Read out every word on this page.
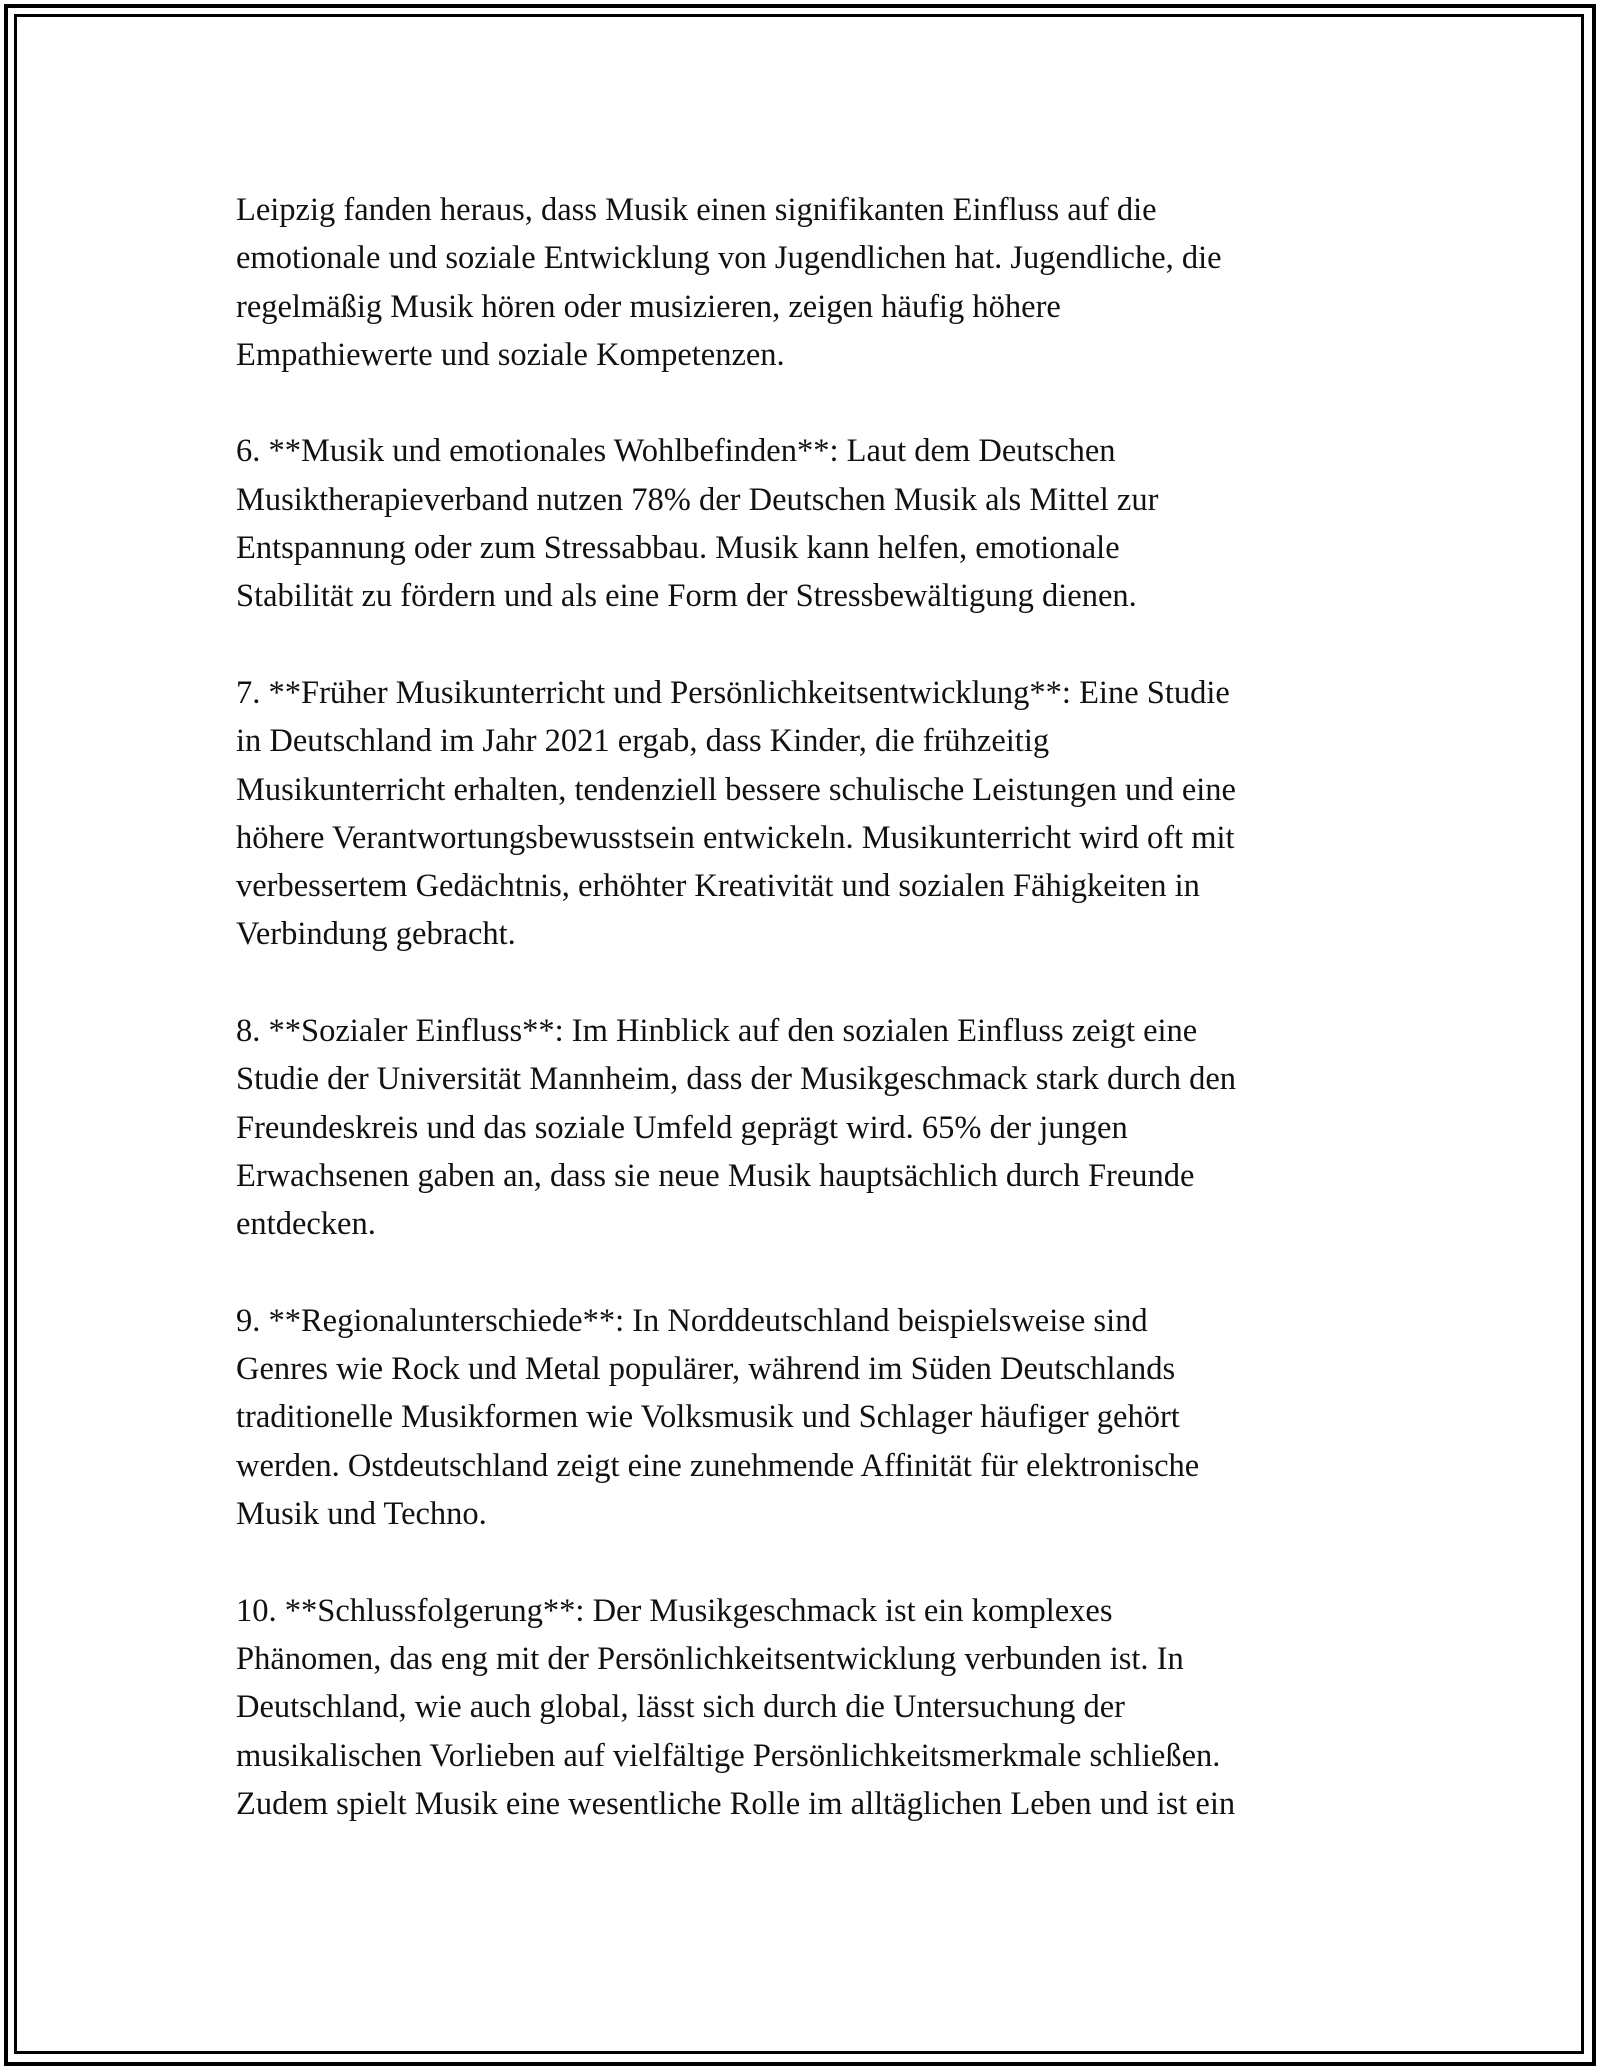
Leipzig fanden heraus, dass Musik einen signifikanten Einfluss auf die
emotionale und soziale Entwicklung von Jugendlichen hat. Jugendliche, die
regelmäßig Musik hören oder musizieren, zeigen häufig höhere
Empathiewerte und soziale Kompetenzen.

6. **Musik und emotionales Wohlbefinden**: Laut dem Deutschen
Musiktherapieverband nutzen 78% der Deutschen Musik als Mittel zur
Entspannung oder zum Stressabbau. Musik kann helfen, emotionale
Stabilität zu fördern und als eine Form der Stressbewältigung dienen.

7. **Früher Musikunterricht und Persönlichkeitsentwicklung**: Eine Studie
in Deutschland im Jahr 2021 ergab, dass Kinder, die frühzeitig
Musikunterricht erhalten, tendenziell bessere schulische Leistungen und eine
höhere Verantwortungsbewusstsein entwickeln. Musikunterricht wird oft mit
verbessertem Gedächtnis, erhöhter Kreativität und sozialen Fähigkeiten in
Verbindung gebracht.

8. **Sozialer Einfluss**: Im Hinblick auf den sozialen Einfluss zeigt eine
Studie der Universität Mannheim, dass der Musikgeschmack stark durch den
Freundeskreis und das soziale Umfeld geprägt wird. 65% der jungen
Erwachsenen gaben an, dass sie neue Musik hauptsächlich durch Freunde
entdecken.

9. **Regionalunterschiede**: In Norddeutschland beispielsweise sind
Genres wie Rock und Metal populärer, während im Süden Deutschlands
traditionelle Musikformen wie Volksmusik und Schlager häufiger gehört
werden. Ostdeutschland zeigt eine zunehmende Affinität für elektronische
Musik und Techno.

10. **Schlussfolgerung**: Der Musikgeschmack ist ein komplexes
Phänomen, das eng mit der Persönlichkeitsentwicklung verbunden ist. In
Deutschland, wie auch global, lässt sich durch die Untersuchung der
musikalischen Vorlieben auf vielfältige Persönlichkeitsmerkmale schließen.
Zudem spielt Musik eine wesentliche Rolle im alltäglichen Leben und ist ein
